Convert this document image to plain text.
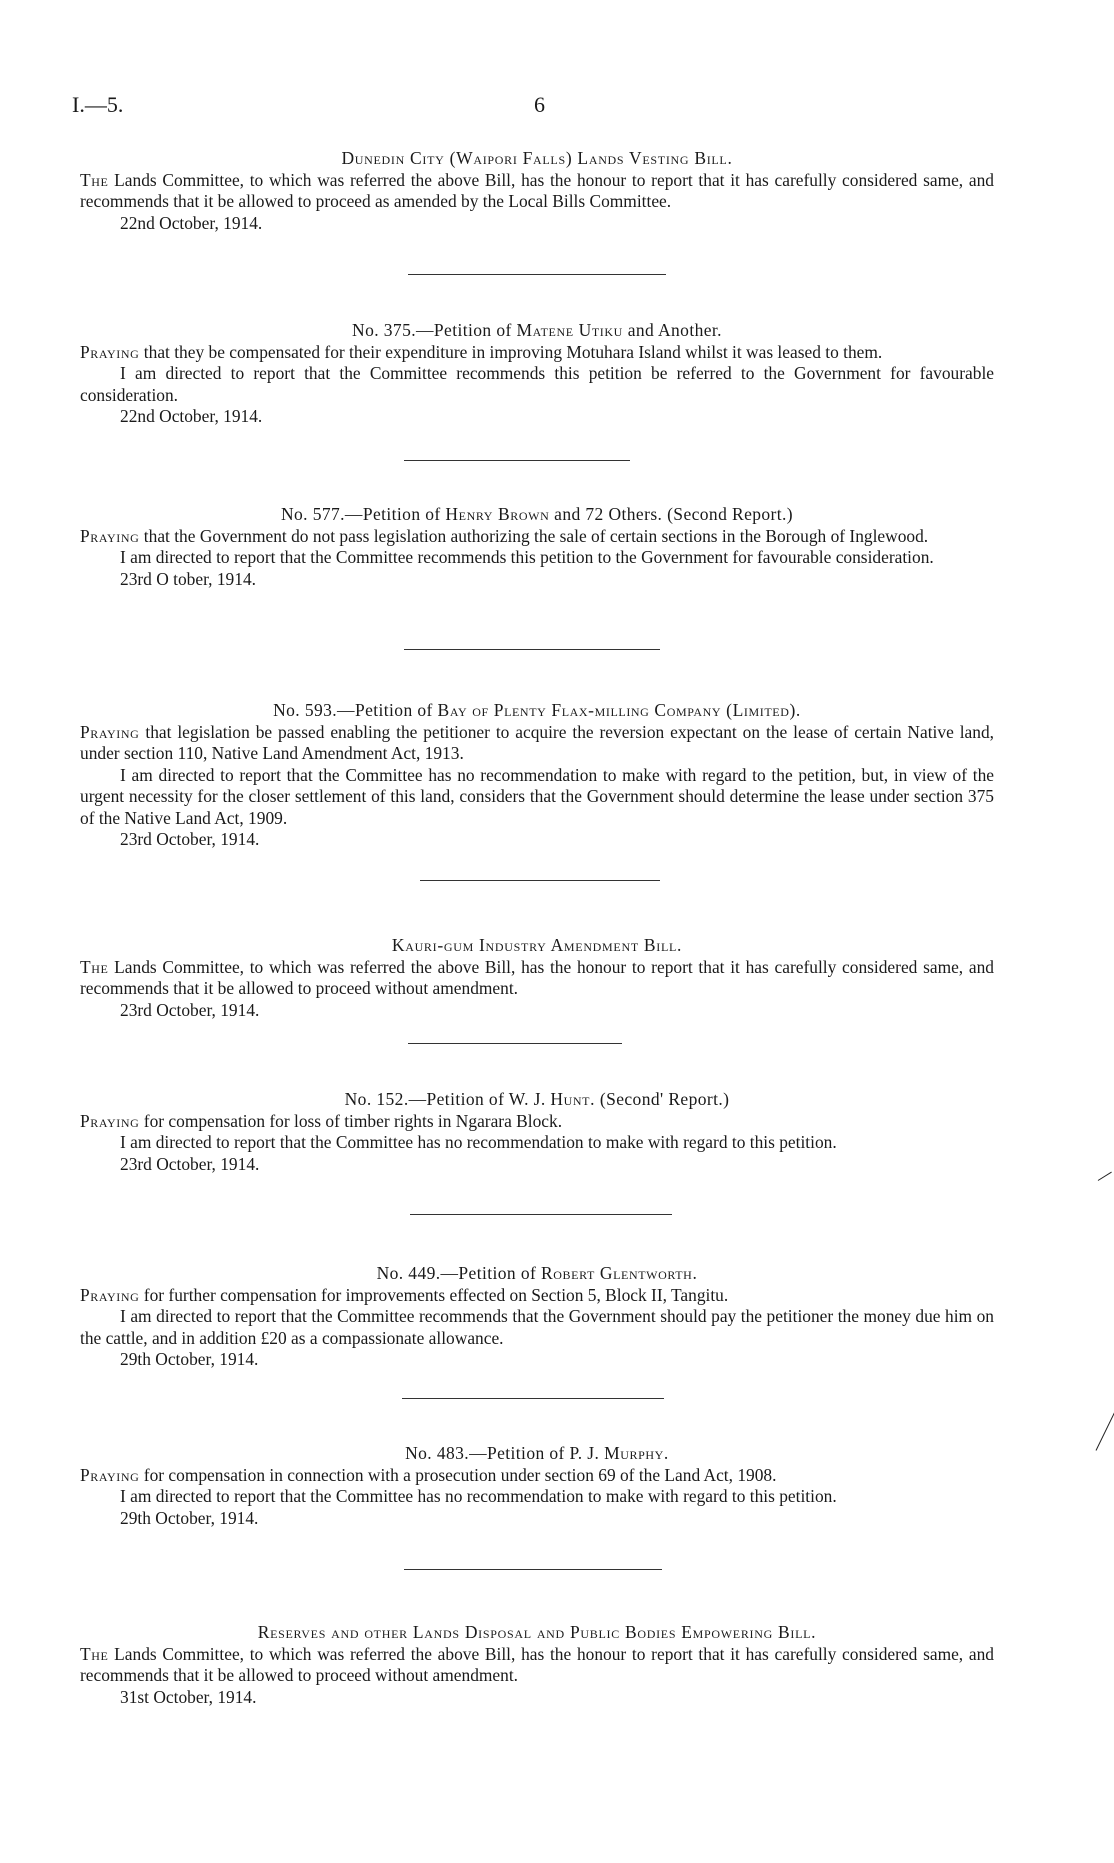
I.—5.	6
Dunedin City (Waipori Falls) Lands Vesting Bill.
The Lands Committee, to which was referred the above Bill, has the honour to report that it has carefully considered same, and recommends that it be allowed to proceed as amended by the Local Bills Committee.
22nd October, 1914.
No. 375.—Petition of Matene Utiku and Another.
Praying that they be compensated for their expenditure in improving Motuhara Island whilst it was leased to them.
I am directed to report that the Committee recommends this petition be referred to the Government for favourable consideration.
22nd October, 1914.
No. 577.—Petition of Henry Brown and 72 Others. (Second Report.)
Praying that the Government do not pass legislation authorizing the sale of certain sections in the Borough of Inglewood.
I am directed to report that the Committee recommends this petition to the Government for favourable consideration.
23rd O tober, 1914.
No. 593.—Petition of Bay of Plenty Flax-milling Company (Limited).
Praying that legislation be passed enabling the petitioner to acquire the reversion expectant on the lease of certain Native land, under section 110, Native Land Amendment Act, 1913.
I am directed to report that the Committee has no recommendation to make with regard to the petition, but, in view of the urgent necessity for the closer settlement of this land, considers that the Government should determine the lease under section 375 of the Native Land Act, 1909.
23rd October, 1914.
Kauri-gum Industry Amendment Bill.
The Lands Committee, to which was referred the above Bill, has the honour to report that it has carefully considered same, and recommends that it be allowed to proceed without amendment.
23rd October, 1914.
No. 152.—Petition of W. J. Hunt. (Second' Report.)
Praying for compensation for loss of timber rights in Ngarara Block.
I am directed to report that the Committee has no recommendation to make with regard to this petition.
23rd October, 1914.
No. 449.—Petition of Robert Glentworth.
Praying for further compensation for improvements effected on Section 5, Block II, Tangitu.
I am directed to report that the Committee recommends that the Government should pay the petitioner the money due him on the cattle, and in addition £20 as a compassionate allowance.
29th October, 1914.
No. 483.—Petition of P. J. Murphy.
Praying for compensation in connection with a prosecution under section 69 of the Land Act, 1908.
I am directed to report that the Committee has no recommendation to make with regard to this petition.
29th October, 1914.
Reserves and other Lands Disposal and Public Bodies Empowering Bill.
The Lands Committee, to which was referred the above Bill, has the honour to report that it has carefully considered same, and recommends that it be allowed to proceed without amendment.
31st October, 1914.
